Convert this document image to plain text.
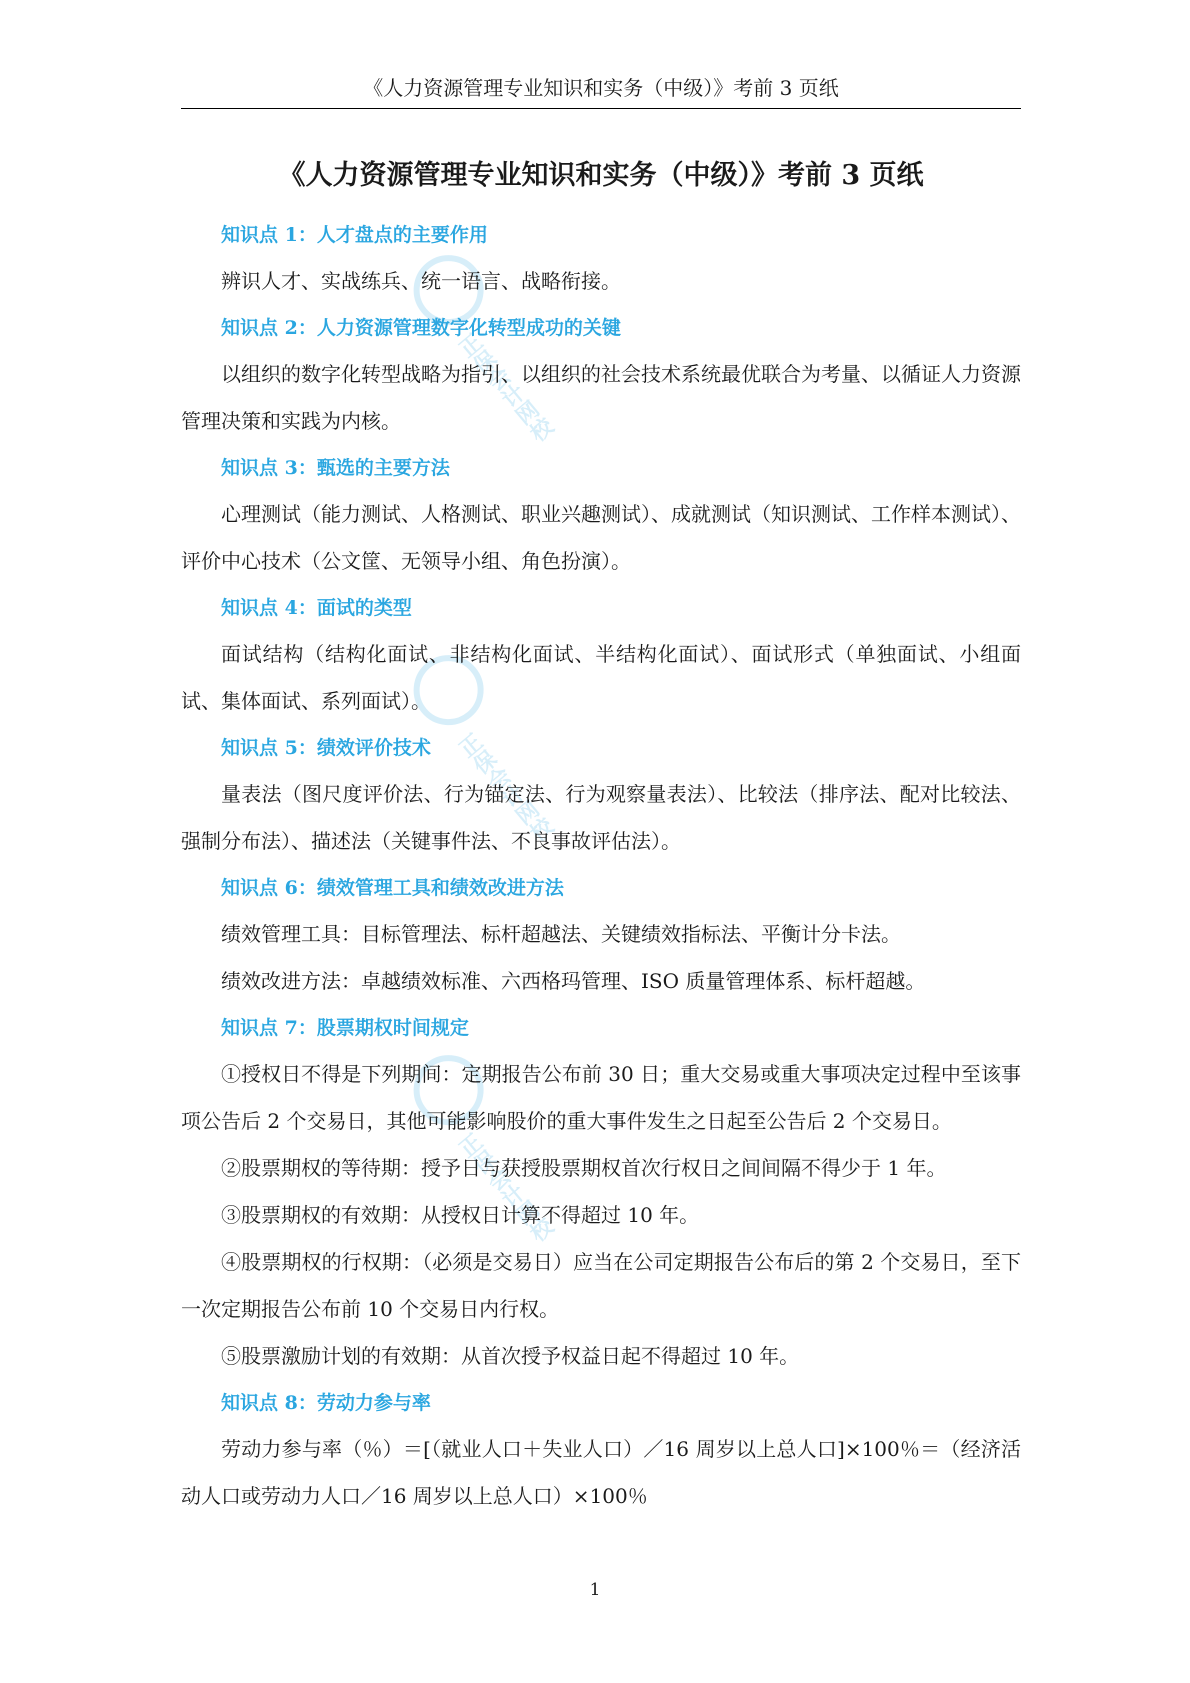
《人力资源管理专业知识和实务（中级）》考前 3 页纸
正保会计网校
正保会计网校
正保会计网校
《人力资源管理专业知识和实务（中级）》考前 3 页纸
知识点 1：人才盘点的主要作用

辨识人才、实战练兵、统一语言、战略衔接。

知识点 2：人力资源管理数字化转型成功的关键

以组织的数字化转型战略为指引、以组织的社会技术系统最优联合为考量、以循证人力资源管理决策和实践为内核。

知识点 3：甄选的主要方法

心理测试（能力测试、人格测试、职业兴趣测试）、成就测试（知识测试、工作样本测试）、评价中心技术（公文筐、无领导小组、角色扮演）。

知识点 4：面试的类型

面试结构（结构化面试、非结构化面试、半结构化面试）、面试形式（单独面试、小组面试、集体面试、系列面试）。

知识点 5：绩效评价技术

量表法（图尺度评价法、行为锚定法、行为观察量表法）、比较法（排序法、配对比较法、强制分布法）、描述法（关键事件法、不良事故评估法）。

知识点 6：绩效管理工具和绩效改进方法

绩效管理工具：目标管理法、标杆超越法、关键绩效指标法、平衡计分卡法。

绩效改进方法：卓越绩效标准、六西格玛管理、ISO 质量管理体系、标杆超越。

知识点 7：股票期权时间规定

①授权日不得是下列期间：定期报告公布前 30 日；重大交易或重大事项决定过程中至该事项公告后 2 个交易日，其他可能影响股价的重大事件发生之日起至公告后 2 个交易日。

②股票期权的等待期：授予日与获授股票期权首次行权日之间间隔不得少于 1 年。

③股票期权的有效期：从授权日计算不得超过 10 年。

④股票期权的行权期：（必须是交易日）应当在公司定期报告公布后的第 2 个交易日，至下一次定期报告公布前 10 个交易日内行权。

⑤股票激励计划的有效期：从首次授予权益日起不得超过 10 年。

知识点 8：劳动力参与率

劳动力参与率（％）＝[（就业人口＋失业人口）／16 周岁以上总人口]×100％＝（经济活动人口或劳动力人口／16 周岁以上总人口）×100％

1
